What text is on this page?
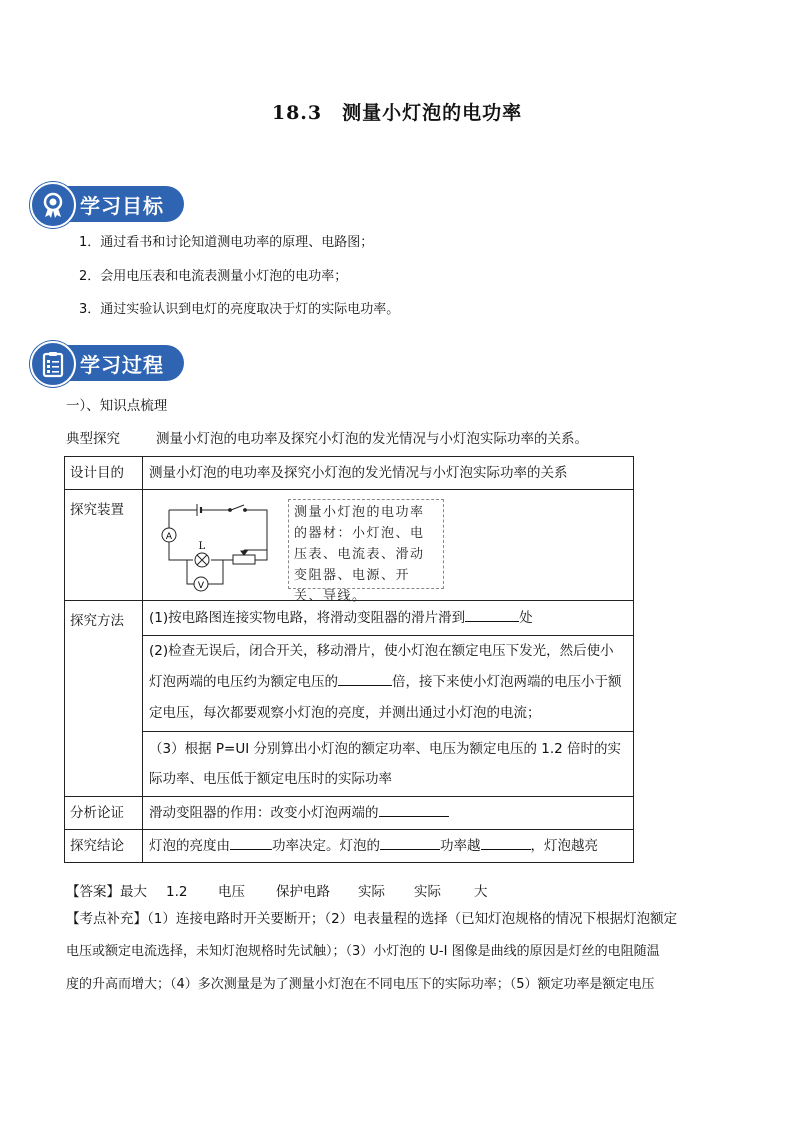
18.3　测量小灯泡的电功率
学习目标
1．通过看书和讨论知道测电功率的原理、电路图；
2．会用电压表和电流表测量小灯泡的电功率；
3．通过实验认识到电灯的亮度取决于灯的实际电功率。
学习过程
一）、知识点梳理
典型探究	测量小灯泡的电功率及探究小灯泡的发光情况与小灯泡实际功率的关系。
设计目的	测量小灯泡的电功率及探究小灯泡的发光情况与小灯泡实际功率的关系
探究装置	A
L
V

探究方法	(1)按电路图连接实物电路，将滑动变阻器的滑片滑到 处
	(2)检查无误后，闭合开关，移动滑片，使小灯泡在额定电压下发光，然后使小灯泡两端的电压约为额定电压的 倍，接下来使小灯泡两端的电压小于额定电压，每次都要观察小灯泡的亮度，并测出通过小灯泡的电流；
	（3）根据 P=UI 分别算出小灯泡的额定功率、电压为额定电压的 1.2 倍时的实际功率、电压低于额定电压时的实际功率
分析论证	滑动变阻器的作用：改变小灯泡两端的
探究结论	灯泡的亮度由 功率决定。灯泡的 功率越 ，灯泡越亮
测量小灯泡的电功率的器材：小灯泡、电压表、电流表、滑动变阻器、电源、开关、导线。
【答案】最大 1.2 电压 保护电路 实际 实际 大
【考点补充】（1）连接电路时开关要断开；（2）电表量程的选择（已知灯泡规格的情况下根据灯泡额定
电压或额定电流选择，未知灯泡规格时先试触）；（3）小灯泡的 U-I 图像是曲线的原因是灯丝的电阻随温
度的升高而增大；（4）多次测量是为了测量小灯泡在不同电压下的实际功率；（5）额定功率是额定电压
